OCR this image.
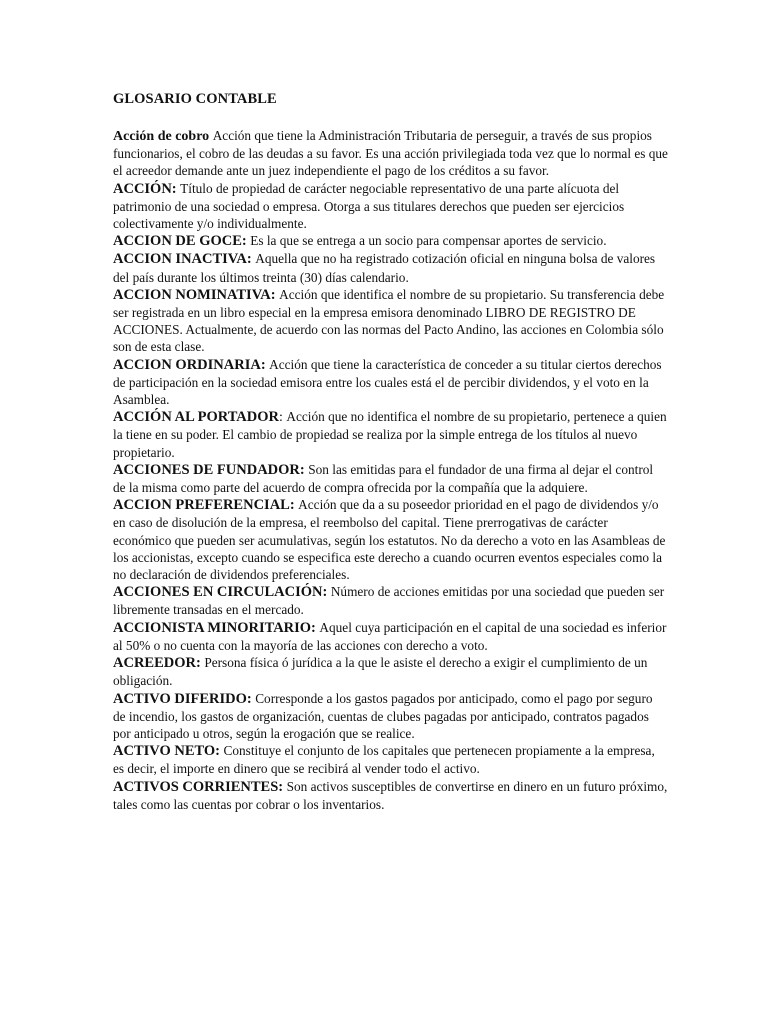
GLOSARIO CONTABLE

Acción de cobro Acción que tiene la Administración Tributaria de perseguir, a través de sus propios funcionarios, el cobro de las deudas a su favor. Es una acción privilegiada toda vez que lo normal es que el acreedor demande ante un juez independiente el pago de los créditos a su favor.

ACCIÓN: Título de propiedad de carácter negociable representativo de una parte alícuota del patrimonio de una sociedad o empresa. Otorga a sus titulares derechos que pueden ser ejercicios colectivamente y/o individualmente.

ACCION DE GOCE: Es la que se entrega a un socio para compensar aportes de servicio.

ACCION INACTIVA: Aquella que no ha registrado cotización oficial en ninguna bolsa de valores del país durante los últimos treinta (30) días calendario.

ACCION NOMINATIVA: Acción que identifica el nombre de su propietario. Su transferencia debe ser registrada en un libro especial en la empresa emisora denominado LIBRO DE REGISTRO DE ACCIONES. Actualmente, de acuerdo con las normas del Pacto Andino, las acciones en Colombia sólo son de esta clase.

ACCION ORDINARIA: Acción que tiene la característica de conceder a su titular ciertos derechos de participación en la sociedad emisora entre los cuales está el de percibir dividendos, y el voto en la Asamblea.

ACCIÓN AL PORTADOR: Acción que no identifica el nombre de su propietario, pertenece a quien la tiene en su poder. El cambio de propiedad se realiza por la simple entrega de los títulos al nuevo propietario.

ACCIONES DE FUNDADOR: Son las emitidas para el fundador de una firma al dejar el control de la misma como parte del acuerdo de compra ofrecida por la compañía que la adquiere.

ACCION PREFERENCIAL: Acción que da a su poseedor prioridad en el pago de dividendos y/o en caso de disolución de la empresa, el reembolso del capital. Tiene prerrogativas de carácter económico que pueden ser acumulativas, según los estatutos. No da derecho a voto en las Asambleas de los accionistas, excepto cuando se especifica este derecho a cuando ocurren eventos especiales como la no declaración de dividendos preferenciales.

ACCIONES EN CIRCULACIÓN: Número de acciones emitidas por una sociedad que pueden ser libremente transadas en el mercado.

ACCIONISTA MINORITARIO: Aquel cuya participación en el capital de una sociedad es inferior al 50% o no cuenta con la mayoría de las acciones con derecho a voto.

ACREEDOR: Persona física ó jurídica a la que le asiste el derecho a exigir el cumplimiento de un obligación.

ACTIVO DIFERIDO: Corresponde a los gastos pagados por anticipado, como el pago por seguro de incendio, los gastos de organización, cuentas de clubes pagadas por anticipado, contratos pagados por anticipado u otros, según la erogación que se realice.

ACTIVO NETO: Constituye el conjunto de los capitales que pertenecen propiamente a la empresa, es decir, el importe en dinero que se recibirá al vender todo el activo.

ACTIVOS CORRIENTES: Son activos susceptibles de convertirse en dinero en un futuro próximo, tales como las cuentas por cobrar o los inventarios.
